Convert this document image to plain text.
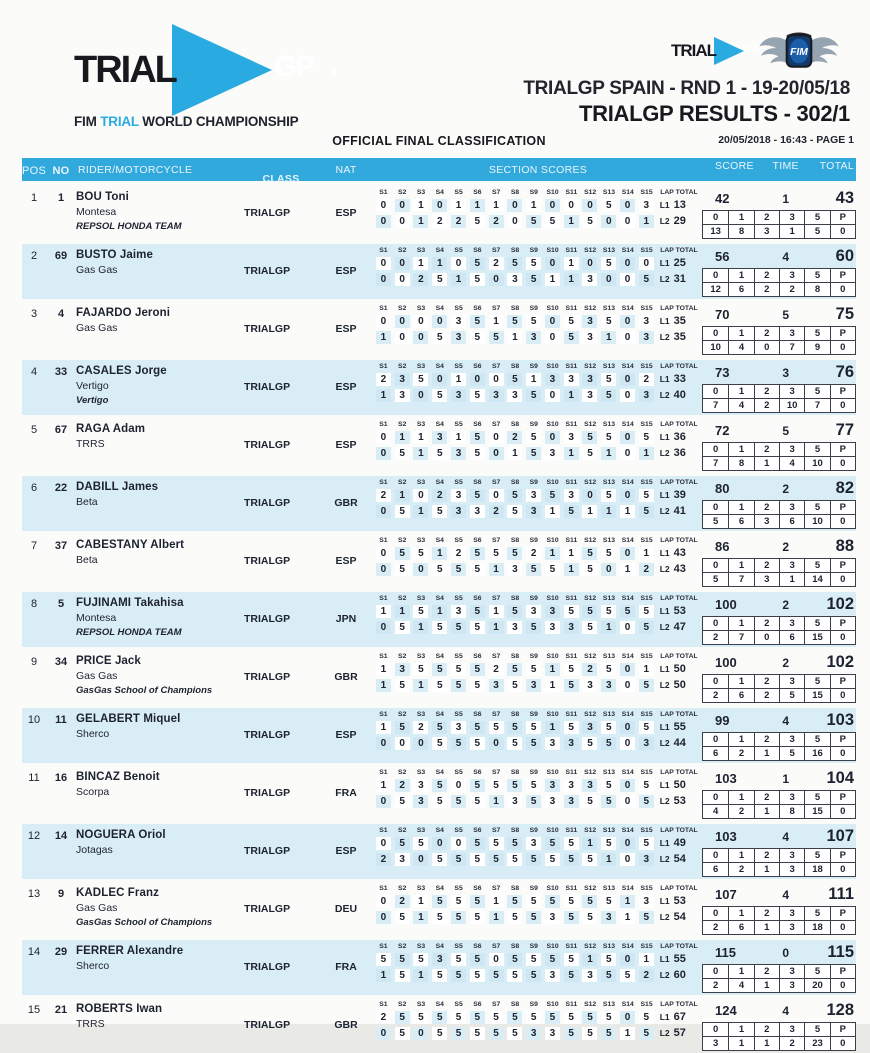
TRIAL	GP ·
FIM TRIAL WORLD CHAMPIONSHIP
TRIAL	GP FIM
TRIALGP SPAIN - RND 1 - 19-20/05/18
TRIALGP RESULTS - 302/1
OFFICIAL FINAL CLASSIFICATION	20/05/2018 - 16:43 - PAGE 1
POS NO RIDER/MOTORCYCLE
CLASS
NAT	SECTION SCORES	SCORE	TIME	TOTAL
1	1	BOU Toni
Montesa
REPSOL HONDA TEAM
TRIALGP	ESP
S1	S2	S3	S4	S5	S6	S7	S8	S9	S10	S11	S12 S13 S14 S15	LAP TOTAL
0	0	1	0	1	1	1	0	1	0	0	0	5	0	3	L1 13
0	0	1	2	2	5	2	0	5	5	1	5	0	0	1	L2 29
42	1	43
0	1	2	3	5	P
13	8	3	1	5	0
2	69 BUSTO Jaime
Gas Gas	TRIALGP	ESP
S1	S2	S3	S4	S5	S6	S7	S8	S9	S10	S11	S12 S13 S14 S15	LAP TOTAL
0	0	1	1	0	5	2	5	5	0	1	0	5	0	0	L1 25
0	0	2	5	1	5	0	3	5	1	1	3	0	0	5	L2 31
56	4	60
0	1	2	3	5	P
12	6	2	2	8	0
3	4	FAJARDO Jeroni
Gas Gas	TRIALGP	ESP
S1	S2	S3	S4	S5	S6	S7	S8	S9	S10	S11	S12 S13 S14 S15	LAP TOTAL
0	0	0	0	3	5	1	5	5	0	5	3	5	0	3	L1 35
1	0	0	5	3	5	5	1	3	0	5	3	1	0	3	L2 35
70	5	75
0	1	2	3	5	P
10	4	0	7	9	0
4	33 CASALES Jorge
Vertigo
Vertigo
TRIALGP	ESP
S1	S2	S3	S4	S5	S6	S7	S8	S9	S10	S11	S12 S13 S14 S15	LAP TOTAL
2	3	5	0	1	0	0	5	1	3	3	3	5	0	2	L1 33
1	3	0	5	3	5	3	3	5	0	1	3	5	0	3	L2 40
73	3	76
0	1	2	3	5	P
7	4	2	10	7	0
5	67 RAGA Adam
TRRS	TRIALGP	ESP
S1	S2	S3	S4	S5	S6	S7	S8	S9	S10	S11	S12 S13 S14 S15	LAP TOTAL
0	1	1	3	1	5	0	2	5	0	3	5	5	0	5	L1 36
0	5	1	5	3	5	0	1	5	3	1	5	1	0	1	L2 36
72	5	77
0	1	2	3	5	P
7	8	1	4	10	0
6	22 DABILL James
Beta	TRIALGP	GBR
S1	S2	S3	S4	S5	S6	S7	S8	S9	S10	S11	S12 S13 S14 S15	LAP TOTAL
2	1	0	2	3	5	0	5	3	5	3	0	5	0	5	L1 39
0	5	1	5	3	3	2	5	3	1	5	1	1	1	5	L2 41
80	2	82
0	1	2	3	5	P
5	6	3	6	10	0
7	37 CABESTANY Albert
Beta	TRIALGP	ESP
S1	S2	S3	S4	S5	S6	S7	S8	S9	S10	S11	S12 S13 S14 S15	LAP TOTAL
0	5	5	1	2	5	5	5	2	1	1	5	5	0	1	L1 43
0	5	0	5	5	5	1	3	5	5	1	5	0	1	2	L2 43
86	2	88
0	1	2	3	5	P
5	7	3	1	14	0
8	5	FUJINAMI Takahisa
Montesa
REPSOL HONDA TEAM
TRIALGP	JPN
S1	S2	S3	S4	S5	S6	S7	S8	S9	S10	S11	S12 S13 S14 S15	LAP TOTAL
1	1	5	1	3	5	1	5	3	3	5	5	5	5	5	L1 53
0	5	1	5	5	5	1	3	5	3	3	5	1	0	5	L2 47
100	2	102
0	1	2	3	5	P
2	7	0	6	15	0
9	34 PRICE Jack
Gas Gas
GasGas School of Champions
TRIALGP	GBR
S1	S2	S3	S4	S5	S6	S7	S8	S9	S10	S11	S12 S13 S14 S15	LAP TOTAL
1	3	5	5	5	5	2	5	5	1	5	2	5	0	1	L1 50
1	5	1	5	5	5	3	5	3	1	5	3	3	0	5	L2 50
100	2	102
0	1	2	3	5	P
2	6	2	5	15	0
10	11 GELABERT Miquel
Sherco	TRIALGP	ESP
S1	S2	S3	S4	S5	S6	S7	S8	S9	S10	S11	S12 S13 S14 S15	LAP TOTAL
1	5	2	5	3	5	5	5	5	1	5	3	5	0	5	L1 55
0	0	0	5	5	5	0	5	5	3	3	5	5	0	3	L2 44
99	4	103
0	1	2	3	5	P
6	2	1	5	16	0
11	16 BINCAZ Benoit
Scorpa	TRIALGP	FRA
S1	S2	S3	S4	S5	S6	S7	S8	S9	S10	S11	S12 S13 S14 S15	LAP TOTAL
1	2	3	5	0	5	5	5	5	3	3	3	5	0	5	L1 50
0	5	3	5	5	5	1	3	5	3	3	5	5	0	5	L2 53
103	1	104
0	1	2	3	5	P
4	2	1	8	15	0
12	14 NOGUERA Oriol
Jotagas	TRIALGP	ESP
S1	S2	S3	S4	S5	S6	S7	S8	S9	S10	S11	S12 S13 S14 S15	LAP TOTAL
0	5	5	0	0	5	5	5	3	5	5	1	5	0	5	L1 49
2	3	0	5	5	5	5	5	5	5	5	5	1	0	3	L2 54
103	4	107
0	1	2	3	5	P
6	2	1	3	18	0
13	9	KADLEC Franz
Gas Gas
GasGas School of Champions
TRIALGP	DEU
S1	S2	S3	S4	S5	S6	S7	S8	S9	S10	S11	S12 S13 S14 S15	LAP TOTAL
0	2	1	5	5	5	1	5	5	5	5	5	5	1	3	L1 53
0	5	1	5	5	5	1	5	5	3	5	5	3	1	5	L2 54
107	4	111
0	1	2	3	5	P
2	6	1	3	18	0
14	29 FERRER Alexandre
Sherco	TRIALGP	FRA
S1	S2	S3	S4	S5	S6	S7	S8	S9	S10	S11	S12 S13 S14 S15	LAP TOTAL
5	5	5	3	5	5	0	5	5	5	5	1	5	0	1	L1 55
1	5	1	5	5	5	5	5	5	3	5	3	5	5	2	L2 60
115	0	115
0	1	2	3	5	P
2	4	1	3	20	0
15	21 ROBERTS Iwan
TRRS	TRIALGP	GBR
S1	S2	S3	S4	S5	S6	S7	S8	S9	S10	S11	S12 S13 S14 S15	LAP TOTAL
2	5	5	5	5	5	5	5	5	5	5	5	5	0	5	L1 67
0	5	0	5	5	5	5	5	3	3	5	5	5	1	5	L2 57
124	4	128
0	1	2	3	5	P
3	1	1	2	23	0
